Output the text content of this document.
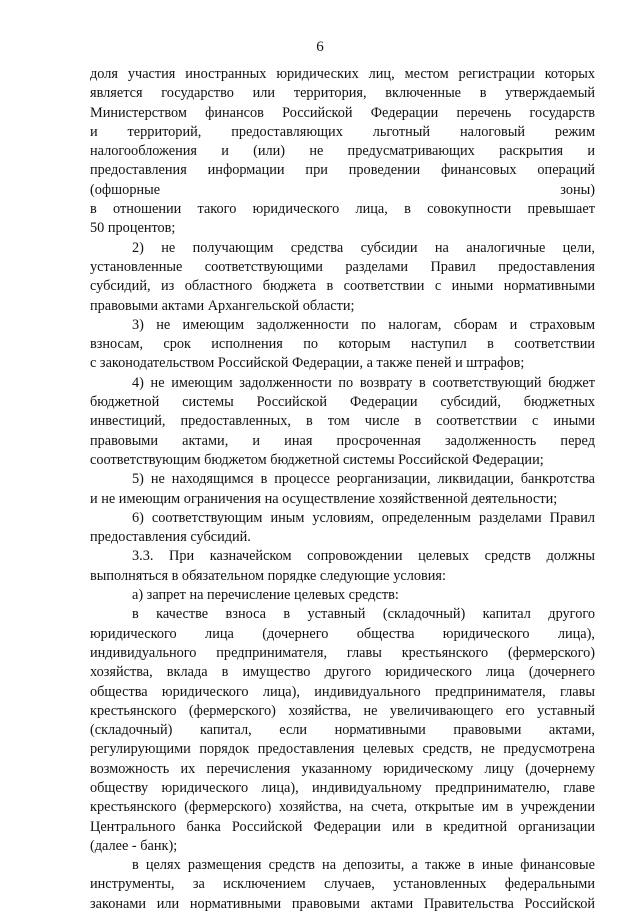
6
доля участия иностранных юридических лиц, местом регистрации которых
является государство или территория, включенные в утверждаемый
Министерством финансов Российской Федерации перечень государств
и территорий, предоставляющих льготный налоговый режим
налогообложения и (или) не предусматривающих раскрытия и
предоставления информации при проведении финансовых операций
(офшорные зоны)
в отношении такого юридического лица, в совокупности превышает
50 процентов;
2) не получающим средства субсидии на аналогичные цели,
установленные соответствующими разделами Правил предоставления
субсидий, из областного бюджета в соответствии с иными нормативными
правовыми актами Архангельской области;
3) не имеющим задолженности по налогам, сборам и страховым
взносам, срок исполнения по которым наступил в соответствии
с законодательством Российской Федерации, а также пеней и штрафов;
4) не имеющим задолженности по возврату в соответствующий бюджет
бюджетной системы Российской Федерации субсидий, бюджетных
инвестиций, предоставленных, в том числе в соответствии с иными
правовыми актами, и иная просроченная задолженность перед
соответствующим бюджетом бюджетной системы Российской Федерации;
5) не находящимся в процессе реорганизации, ликвидации, банкротства
и не имеющим ограничения на осуществление хозяйственной деятельности;
6) соответствующим иным условиям, определенным разделами Правил
предоставления субсидий.
3.3. При казначейском сопровождении целевых средств должны
выполняться в обязательном порядке следующие условия:
а) запрет на перечисление целевых средств:
в качестве взноса в уставный (складочный) капитал другого
юридического лица (дочернего общества юридического лица),
индивидуального предпринимателя, главы крестьянского (фермерского)
хозяйства, вклада в имущество другого юридического лица (дочернего
общества юридического лица), индивидуального предпринимателя, главы
крестьянского (фермерского) хозяйства, не увеличивающего его уставный
(складочный) капитал, если нормативными правовыми актами,
регулирующими порядок предоставления целевых средств, не предусмотрена
возможность их перечисления указанному юридическому лицу (дочернему
обществу юридического лица), индивидуальному предпринимателю, главе
крестьянского (фермерского) хозяйства, на счета, открытые им в учреждении
Центрального банка Российской Федерации или в кредитной организации
(далее - банк);
в целях размещения средств на депозиты, а также в иные финансовые
инструменты, за исключением случаев, установленных федеральными
законами или нормативными правовыми актами Правительства Российской
